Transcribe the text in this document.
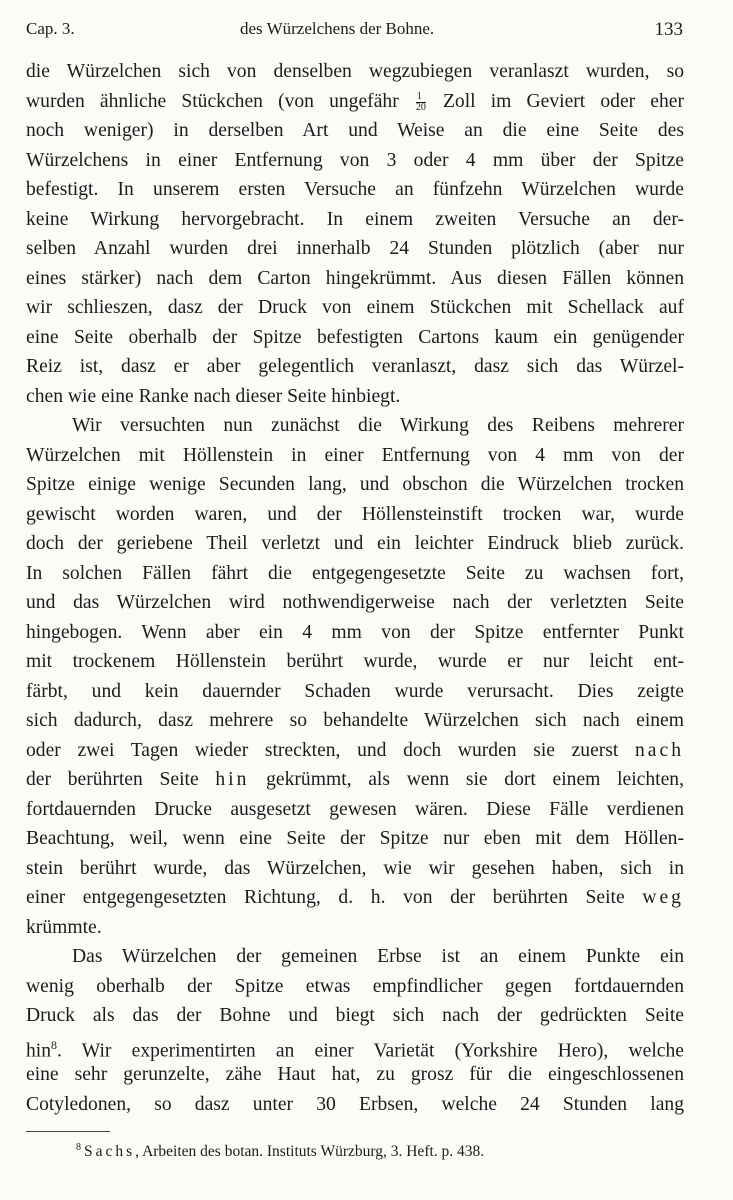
Cap. 3.	des Würzelchens der Bohne.	133
die Würzelchen sich von denselben wegzubiegen veranlaszt wurden, so
wurden ähnliche Stückchen (von ungefähr $\frac{1}{20}$ Zoll im Geviert oder eher
noch weniger) in derselben Art und Weise an die eine Seite des
Würzelchens in einer Entfernung von 3 oder 4 mm über der Spitze
befestigt. In unserem ersten Versuche an fünfzehn Würzelchen wurde
keine Wirkung hervorgebracht. In einem zweiten Versuche an der-
selben Anzahl wurden drei innerhalb 24 Stunden plötzlich (aber nur
eines stärker) nach dem Carton hingekrümmt. Aus diesen Fällen können
wir schlieszen, dasz der Druck von einem Stückchen mit Schellack auf
eine Seite oberhalb der Spitze befestigten Cartons kaum ein genügender
Reiz ist, dasz er aber gelegentlich veranlaszt, dasz sich das Würzel-
chen wie eine Ranke nach dieser Seite hinbiegt.
Wir versuchten nun zunächst die Wirkung des Reibens mehrerer
Würzelchen mit Höllenstein in einer Entfernung von 4 mm von der
Spitze einige wenige Secunden lang, und obschon die Würzelchen trocken
gewischt worden waren, und der Höllensteinstift trocken war, wurde
doch der geriebene Theil verletzt und ein leichter Eindruck blieb zurück.
In solchen Fällen fährt die entgegengesetzte Seite zu wachsen fort,
und das Würzelchen wird nothwendigerweise nach der verletzten Seite
hingebogen. Wenn aber ein 4 mm von der Spitze entfernter Punkt
mit trockenem Höllenstein berührt wurde, wurde er nur leicht ent-
färbt, und kein dauernder Schaden wurde verursacht. Dies zeigte
sich dadurch, dasz mehrere so behandelte Würzelchen sich nach einem
oder zwei Tagen wieder streckten, und doch wurden sie zuerst nach
der berührten Seite hin gekrümmt, als wenn sie dort einem leichten,
fortdauernden Drucke ausgesetzt gewesen wären. Diese Fälle verdienen
Beachtung, weil, wenn eine Seite der Spitze nur eben mit dem Höllen-
stein berührt wurde, das Würzelchen, wie wir gesehen haben, sich in
einer entgegengesetzten Richtung, d. h. von der berührten Seite weg
krümmte.
Das Würzelchen der gemeinen Erbse ist an einem Punkte ein
wenig oberhalb der Spitze etwas empfindlicher gegen fortdauernden
Druck als das der Bohne und biegt sich nach der gedrückten Seite
hin$^8$. Wir experimentirten an einer Varietät (Yorkshire Hero), welche
eine sehr gerunzelte, zähe Haut hat, zu grosz für die eingeschlossenen
Cotyledonen, so dasz unter 30 Erbsen, welche 24 Stunden lang
$^8$ Sachs, Arbeiten des botan. Instituts Würzburg, 3. Heft. p. 438.
